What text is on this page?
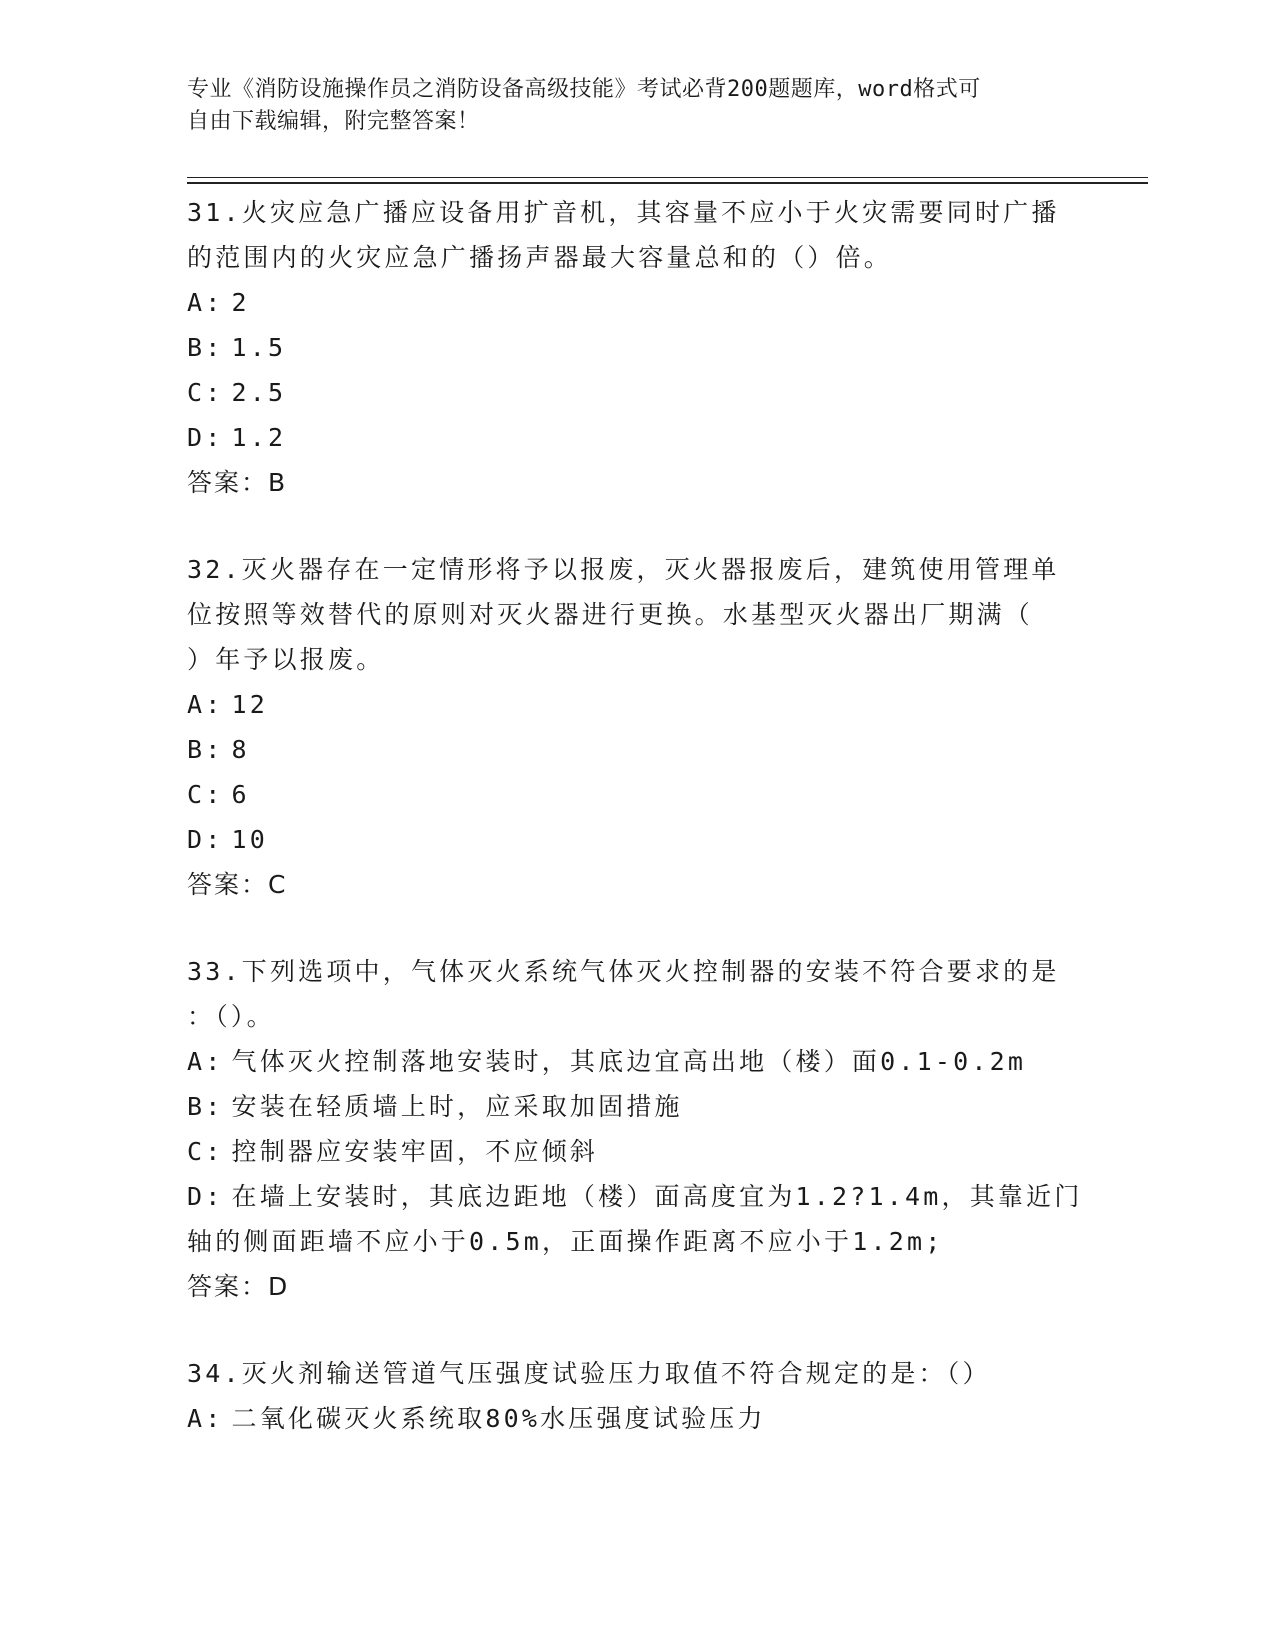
专业《消防设施操作员之消防设备高级技能》考试必背200题题库，word格式可
自由下载编辑，附完整答案！

31.火灾应急广播应设备用扩音机，其容量不应小于火灾需要同时广播

的范围内的火灾应急广播扬声器最大容量总和的（）倍。

A: 2

B: 1.5

C: 2.5

D: 1.2

答案：B

32.灭火器存在一定情形将予以报废，灭火器报废后，建筑使用管理单

位按照等效替代的原则对灭火器进行更换。水基型灭火器出厂期满（

）年予以报废。

A: 12

B: 8

C: 6

D: 10

答案：C

33.下列选项中，气体灭火系统气体灭火控制器的安装不符合要求的是

：（）。

A: 气体灭火控制落地安装时，其底边宜高出地（楼）面0.1-0.2m

B: 安装在轻质墙上时，应采取加固措施

C: 控制器应安装牢固，不应倾斜

D: 在墙上安装时，其底边距地（楼）面高度宜为1.2?1.4m，其靠近门

轴的侧面距墙不应小于0.5m，正面操作距离不应小于1.2m;

答案：D

34.灭火剂输送管道气压强度试验压力取值不符合规定的是：（）

A: 二氧化碳灭火系统取80%水压强度试验压力
